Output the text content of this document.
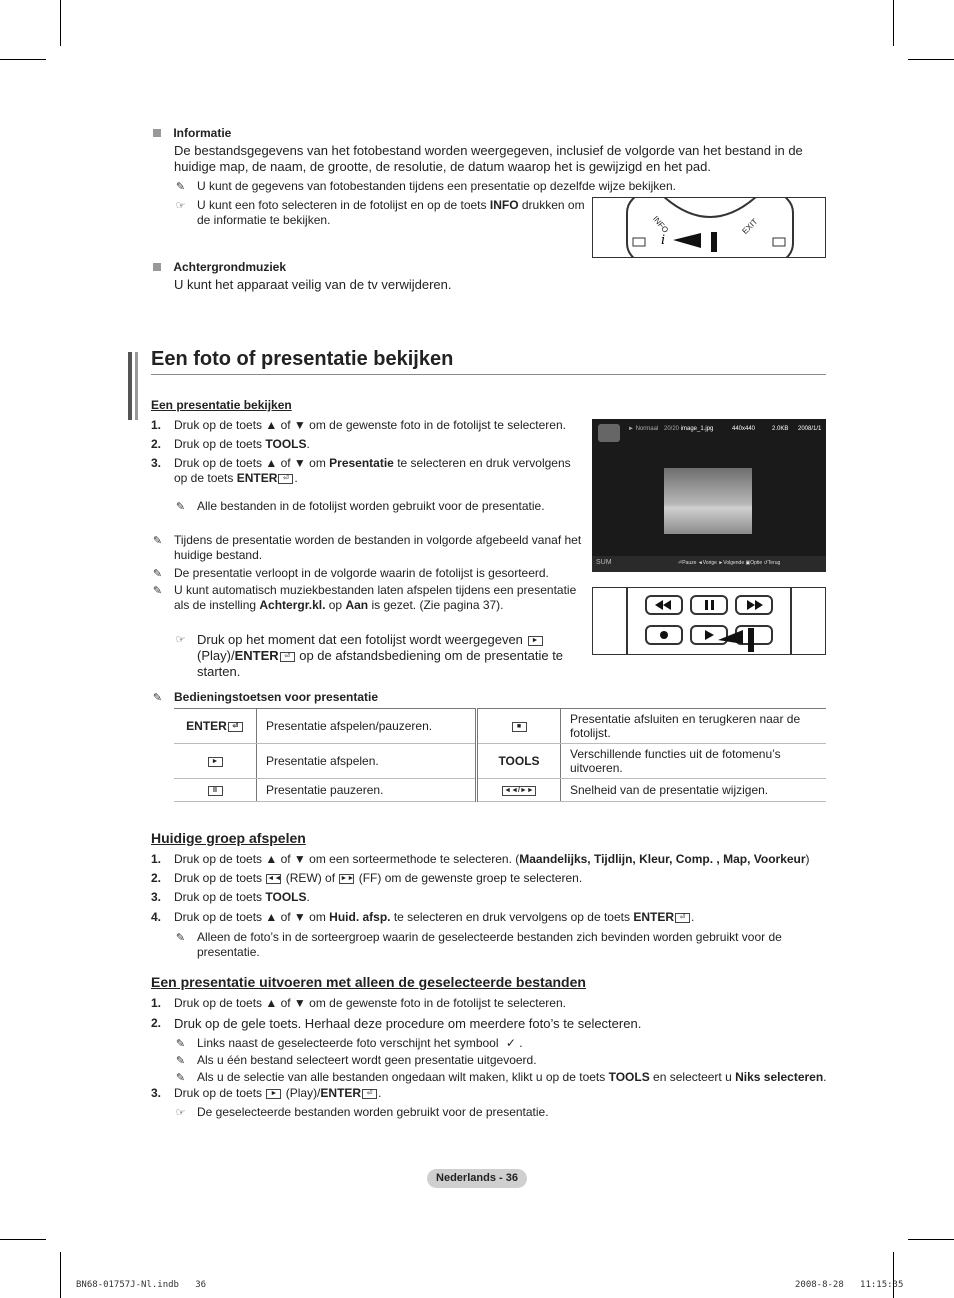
Informatie
De bestandsgegevens van het fotobestand worden weergegeven, inclusief de volgorde van het bestand in de huidige map, de naam, de grootte, de resolutie, de datum waarop het is gewijzigd en het pad.
✎ U kunt de gegevens van fotobestanden tijdens een presentatie op dezelfde wijze bekijken.
☞ U kunt een foto selecteren in de fotolijst en op de toets INFO drukken om de informatie te bekijken.
i
INFO	EXIT
Achtergrondmuziek
U kunt het apparaat veilig van de tv verwijderen.
Een foto of presentatie bekijken
Een presentatie bekijken
1.	Druk op de toets ▲ of ▼ om de gewenste foto in de fotolijst te selecteren.
2.	Druk op de toets TOOLS.
3.	Druk op de toets ▲ of ▼ om Presentatie te selecteren en druk vervolgens op de toets ENTER ⏎ .
✎ Alle bestanden in de fotolijst worden gebruikt voor de presentatie.
✎ Tijdens de presentatie worden de bestanden in volgorde afgebeeld vanaf het huidige bestand.
✎ De presentatie verloopt in de volgorde waarin de fotolijst is gesorteerd.
✎ U kunt automatisch muziekbestanden laten afspelen tijdens een presentatie als de instelling Achtergr.kl. op Aan is gezet. (Zie pagina 37).
☞ Druk op het moment dat een fotolijst wordt weergegeven ►(Play)/ENTER ⏎ op de afstandsbediening om de presentatie te starten.
► Normaal 20/20 image_1.jpg	440x440	2.0KB 2008/1/1
SUM	⏎Pauze ◄Vorige ►Volgende ▣Optie ↺Terug
✎ Bedieningstoetsen voor presentatie
ENTER ⏎	Presentatie afspelen/pauzeren.	■	Presentatie afsluiten en terugkeren naar de fotolijst.
►	Presentatie afspelen.	TOOLS	Verschillende functies uit de fotomenu’s uitvoeren.
II	Presentatie pauzeren.	◄◄/►►	Snelheid van de presentatie wijzigen.
Huidige groep afspelen
1.	Druk op de toets ▲ of ▼ om een sorteermethode te selecteren. (Maandelijks, Tijdlijn, Kleur, Comp. , Map, Voorkeur)
2.	Druk op de toets ◄◄ (REW) of ►► (FF) om de gewenste groep te selecteren.
3.	Druk op de toets TOOLS.
4.	Druk op de toets ▲ of ▼ om Huid. afsp. te selecteren en druk vervolgens op de toets ENTER ⏎ .
✎ Alleen de foto’s in de sorteergroep waarin de geselecteerde bestanden zich bevinden worden gebruikt voor de presentatie.
Een presentatie uitvoeren met alleen de geselecteerde bestanden
1.	Druk op de toets ▲ of ▼ om de gewenste foto in de fotolijst te selecteren.
2. Druk op de gele toets. Herhaal deze procedure om meerdere foto’s te selecteren.
✎ Links naast de geselecteerde foto verschijnt het symbool ✓ .
✎ Als u één bestand selecteert wordt geen presentatie uitgevoerd.
✎ Als u de selectie van alle bestanden ongedaan wilt maken, klikt u op de toets TOOLS en selecteert u Niks selecteren.
3.	Druk op de toets ► (Play)/ENTER ⏎ .
☞ De geselecteerde bestanden worden gebruikt voor de presentatie.
Nederlands - 36
BN68-01757J-Nl.indb   36	2008-8-28   11:15:35
